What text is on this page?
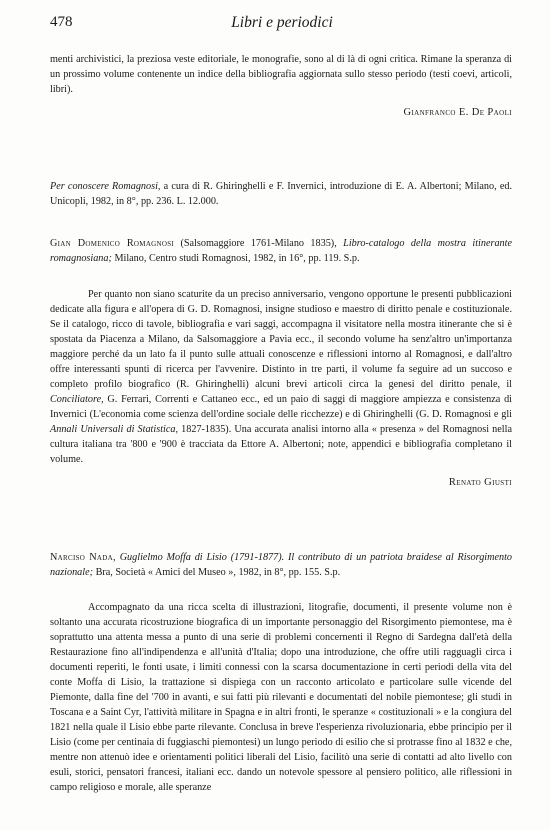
478	Libri e periodici

menti archivistici, la preziosa veste editoriale, le monografie, sono al di là di ogni critica. Rimane la speranza di un prossimo volume contenente un indice della bibliografia aggiornata sullo stesso periodo (testi coevi, articoli, libri).

Gianfranco E. De Paoli

Per conoscere Romagnosi, a cura di R. Ghiringhelli e F. Invernici, introduzione di E. A. Albertoni; Milano, ed. Unicopli, 1982, in 8°, pp. 236. L. 12.000.

Gian Domenico Romagnosi (Salsomaggiore 1761-Milano 1835), Libro-catalogo della mostra itinerante romagnosiana; Milano, Centro studi Romagnosi, 1982, in 16°, pp. 119. S.p.

Per quanto non siano scaturite da un preciso anniversario, vengono opportune le presenti pubblicazioni dedicate alla figura e all'opera di G. D. Romagnosi, insigne studioso e maestro di diritto penale e costituzionale. Se il catalogo, ricco di tavole, bibliografia e vari saggi, accompagna il visitatore nella mostra itinerante che si è spostata da Piacenza a Milano, da Salsomaggiore a Pavia ecc., il secondo volume ha senz'altro un'importanza maggiore perché da un lato fa il punto sulle attuali conoscenze e riflessioni intorno al Romagnosi, e dall'altro offre interessanti spunti di ricerca per l'avvenire. Distinto in tre parti, il volume fa seguire ad un succoso e completo profilo biografico (R. Ghiringhelli) alcuni brevi articoli circa la genesi del diritto penale, il Conciliatore, G. Ferrari, Correnti e Cattaneo ecc., ed un paio di saggi di maggiore ampiezza e consistenza di Invernici (L'economia come scienza dell'ordine sociale delle ricchezze) e di Ghiringhelli (G. D. Romagnosi e gli Annali Universali di Statistica, 1827-1835). Una accurata analisi intorno alla « presenza » del Romagnosi nella cultura italiana tra '800 e '900 è tracciata da Ettore A. Albertoni; note, appendici e bibliografia completano il volume.

Renato Giusti

Narciso Nada, Guglielmo Moffa di Lisio (1791-1877). Il contributo di un patriota braidese al Risorgimento nazionale; Bra, Società « Amici del Museo », 1982, in 8°, pp. 155. S.p.

Accompagnato da una ricca scelta di illustrazioni, litografie, documenti, il presente volume non è soltanto una accurata ricostruzione biografica di un importante personaggio del Risorgimento piemontese, ma è soprattutto una attenta messa a punto di una serie di problemi concernenti il Regno di Sardegna dall'età della Restaurazione fino all'indipendenza e all'unità d'Italia; dopo una introduzione, che offre utili ragguagli circa i documenti reperiti, le fonti usate, i limiti connessi con la scarsa documentazione in certi periodi della vita del conte Moffa di Lisio, la trattazione si dispiega con un racconto articolato e particolare sulle vicende del Piemonte, dalla fine del '700 in avanti, e sui fatti più rilevanti e documentati del nobile piemontese; gli studi in Toscana e a Saint Cyr, l'attività militare in Spagna e in altri fronti, le speranze « costituzionali » e la congiura del 1821 nella quale il Lisio ebbe parte rilevante. Conclusa in breve l'esperienza rivoluzionaria, ebbe principio per il Lisio (come per centinaia di fuggiaschi piemontesi) un lungo periodo di esilio che si protrasse fino al 1832 e che, mentre non attenuò idee e orientamenti politici liberali del Lisio, facilitò una serie di contatti ad alto livello con esuli, storici, pensatori francesi, italiani ecc. dando un notevole spessore al pensiero politico, alle riflessioni in campo religioso e morale, alle speranze
